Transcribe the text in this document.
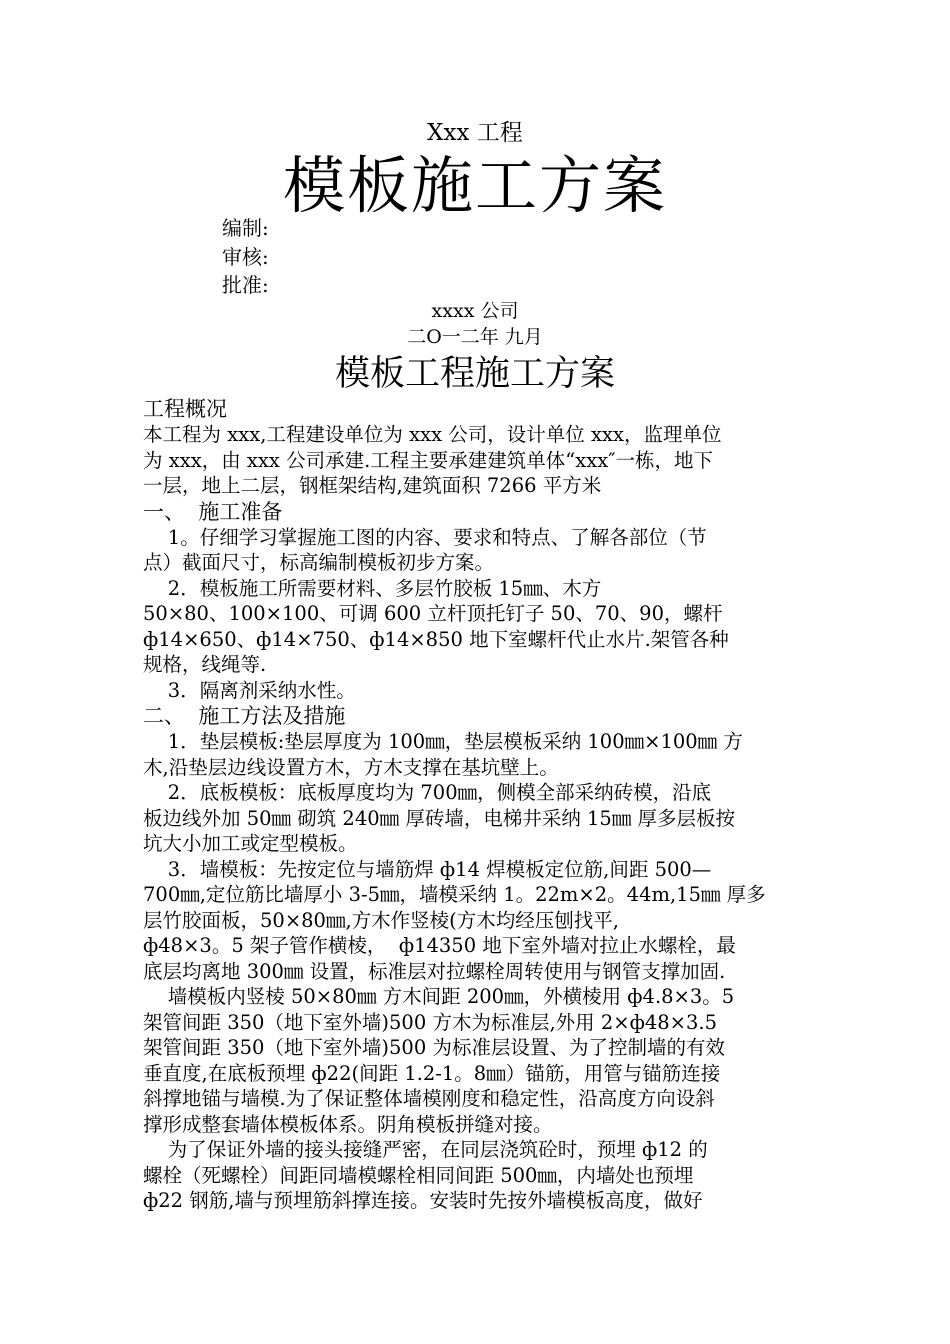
Xxx 工程
模板施工方案
编制:
审核:
批准:
xxxx 公司
二O一二年 九月
模板工程施工方案
工程概况
本工程为 xxx,工程建设单位为 xxx 公司，设计单位 xxx，监理单位
为 xxx，由 xxx 公司承建.工程主要承建建筑单体“xxx″一栋，地下
一层，地上二层，钢框架结构,建筑面积 7266 平方米
一、  施工准备
1。仔细学习掌握施工图的内容、要求和特点、了解各部位（节
点）截面尺寸，标高编制模板初步方案。
2．模板施工所需要材料、多层竹胶板 15㎜、木方
50×80、100×100、可调 600 立杆顶托钉子 50、70、90，螺杆
ф14×650、ф14×750、ф14×850 地下室螺杆代止水片.架管各种
规格，线绳等.
3．隔离剂采纳水性。
二、  施工方法及措施
1．垫层模板:垫层厚度为 100㎜，垫层模板采纳 100㎜×100㎜ 方
木,沿垫层边线设置方木，方木支撑在基坑壁上。
2．底板模板：底板厚度均为 700㎜，侧模全部采纳砖模，沿底
板边线外加 50㎜ 砌筑 240㎜ 厚砖墙，电梯井采纳 15㎜ 厚多层板按
坑大小加工或定型模板。
3．墙模板：先按定位与墙筋焊 ф14 焊模板定位筋,间距 500—
700㎜,定位筋比墙厚小 3-5㎜，墙模采纳 1。22m×2。44m,15㎜ 厚多
层竹胶面板，50×80㎜,方木作竖棱(方木均经压刨找平,
ф48×3。5 架子管作横棱，  ф14350 地下室外墙对拉止水螺栓，最
底层均离地 300㎜ 设置，标准层对拉螺栓周转使用与钢管支撑加固.
墙模板内竖棱 50×80㎜ 方木间距 200㎜，外横棱用 ф4.8×3。5
架管间距 350（地下室外墙)500 方木为标准层,外用 2×ф48×3.5
架管间距 350（地下室外墙)500 为标准层设置、为了控制墙的有效
垂直度,在底板预埋 ф22(间距 1.2-1。8㎜）锚筋，用管与锚筋连接
斜撑地锚与墙模.为了保证整体墙模刚度和稳定性，沿高度方向设斜
撑形成整套墙体模板体系。阴角模板拼缝对接。
为了保证外墙的接头接缝严密，在同层浇筑砼时，预埋 ф12 的
螺栓（死螺栓）间距同墙模螺栓相同间距 500㎜，内墙处也预埋
ф22 钢筋,墙与预埋筋斜撑连接。安装时先按外墙模板高度，做好
